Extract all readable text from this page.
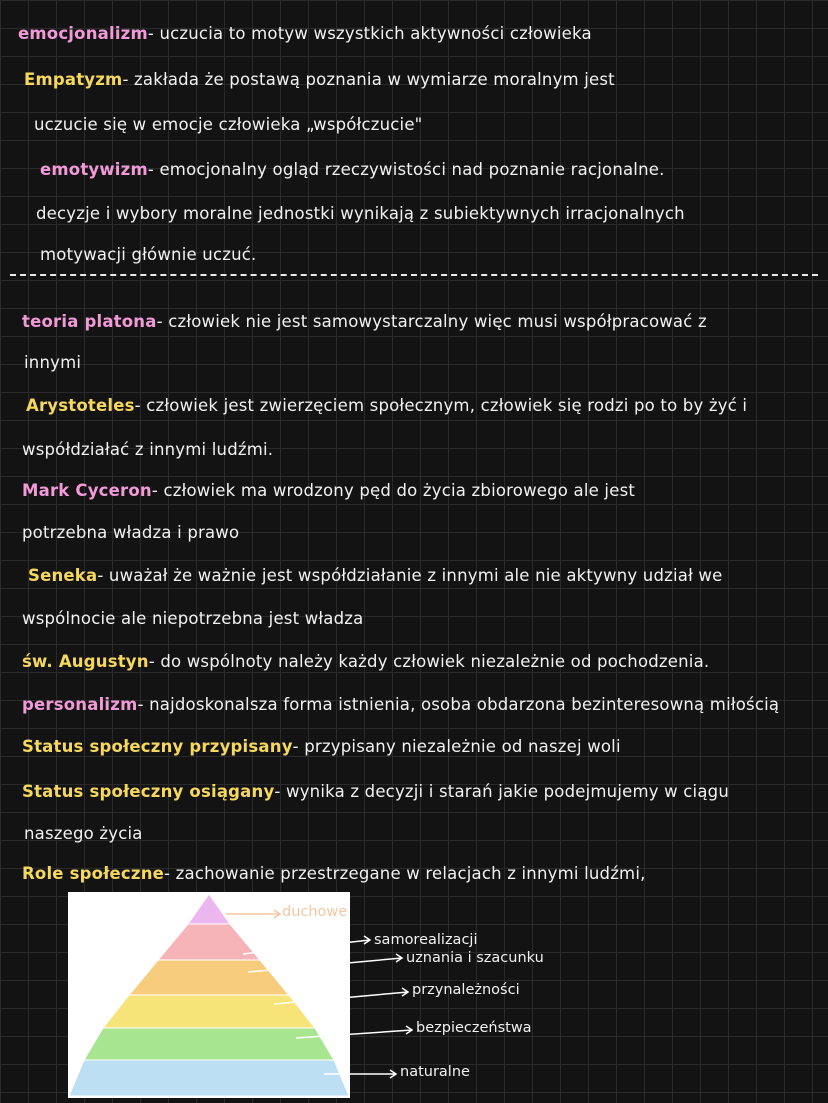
emocjonalizm- uczucia to motyw wszystkich aktywności człowieka
Empatyzm- zakłada że postawą poznania w wymiarze moralnym jest
uczucie się w emocje człowieka „współczucie"
emotywizm- emocjonalny ogląd rzeczywistości nad poznanie racjonalne.
decyzje i wybory moralne jednostki wynikają z subiektywnych irracjonalnych
motywacji głównie uczuć.
teoria platona- człowiek nie jest samowystarczalny więc musi współpracować z
innymi
Arystoteles- człowiek jest zwierzęciem społecznym, człowiek się rodzi po to by żyć i
współdziałać z innymi ludźmi.
Mark Cyceron- człowiek ma wrodzony pęd do życia zbiorowego ale jest
potrzebna władza i prawo
Seneka- uważał że ważnie jest współdziałanie z innymi ale nie aktywny udział we
wspólnocie ale niepotrzebna jest władza
św. Augustyn- do wspólnoty należy każdy człowiek niezależnie od pochodzenia.
personalizm- najdoskonalsza forma istnienia, osoba obdarzona bezinteresowną miłością
Status społeczny przypisany- przypisany niezależnie od naszej woli
Status społeczny osiągany- wynika z decyzji i starań jakie podejmujemy w ciągu
naszego życia
Role społeczne- zachowanie przestrzegane w relacjach z innymi ludźmi,
duchowe
samorealizacji
uznania i szacunku
przynależności
bezpieczeństwa
naturalne
